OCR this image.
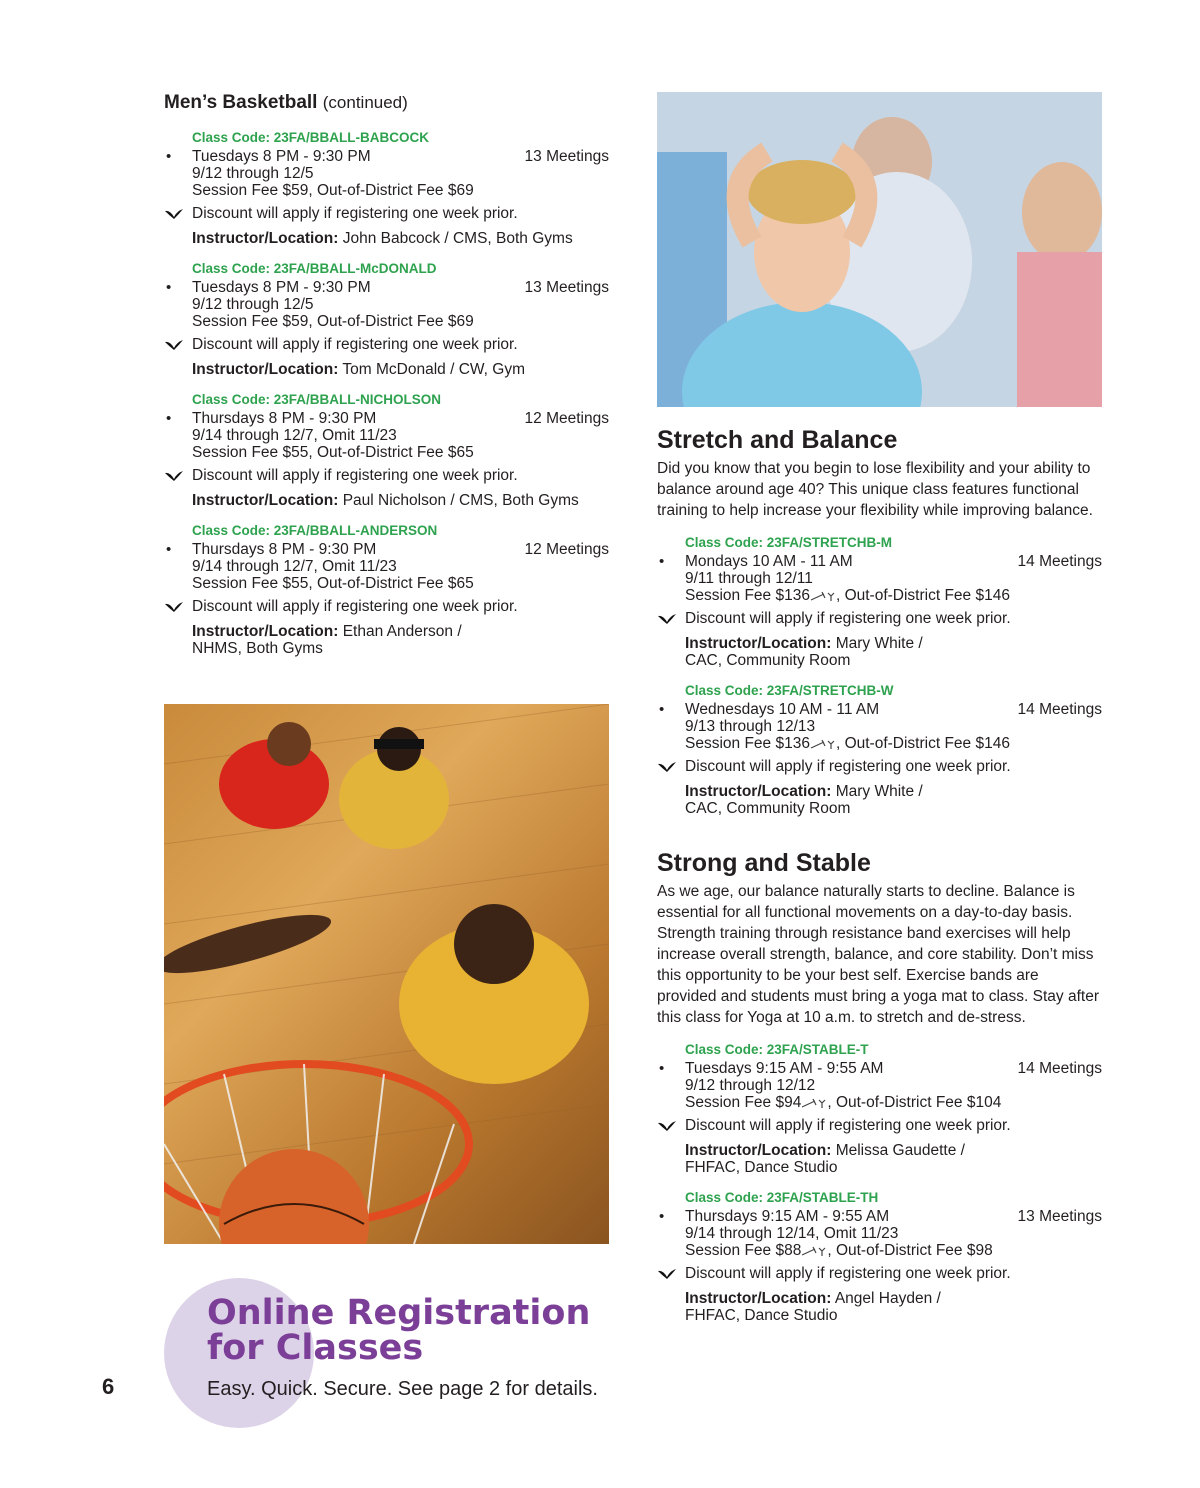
Men’s Basketball (continued)
Class Code: 23FA/BBALL-BABCOCK
• Tuesdays 8 PM - 9:30 PM	13 Meetings
9/12 through 12/5
Session Fee $59, Out-of-District Fee $69
Discount will apply if registering one week prior.
Instructor/Location: John Babcock / CMS, Both Gyms
Class Code: 23FA/BBALL-McDONALD
• Tuesdays 8 PM - 9:30 PM	13 Meetings
9/12 through 12/5
Session Fee $59, Out-of-District Fee $69
Discount will apply if registering one week prior.
Instructor/Location: Tom McDonald / CW, Gym
Class Code: 23FA/BBALL-NICHOLSON
• Thursdays 8 PM - 9:30 PM	12 Meetings
9/14 through 12/7, Omit 11/23
Session Fee $55, Out-of-District Fee $65
Discount will apply if registering one week prior.
Instructor/Location: Paul Nicholson / CMS, Both Gyms
Class Code: 23FA/BBALL-ANDERSON
• Thursdays 8 PM - 9:30 PM	12 Meetings
9/14 through 12/7, Omit 11/23
Session Fee $55, Out-of-District Fee $65
Discount will apply if registering one week prior.
Instructor/Location: Ethan Anderson /
NHMS, Both Gyms
Stretch and Balance
Did you know that you begin to lose flexibility and your ability to balance around age 40? This unique class features functional training to help increase your flexibility while improving balance.
Class Code: 23FA/STRETCHB-M
• Mondays 10 AM - 11 AM	14 Meetings
9/11 through 12/11
Session Fee $136 , Out-of-District Fee $146
Discount will apply if registering one week prior.
Instructor/Location: Mary White /
CAC, Community Room
Class Code: 23FA/STRETCHB-W
• Wednesdays 10 AM - 11 AM	14 Meetings
9/13 through 12/13
Session Fee $136 , Out-of-District Fee $146
Discount will apply if registering one week prior.
Instructor/Location: Mary White /
CAC, Community Room
Strong and Stable
As we age, our balance naturally starts to decline. Balance is essential for all functional movements on a day-to-day basis. Strength training through resistance band exercises will help increase overall strength, balance, and core stability. Don’t miss this opportunity to be your best self. Exercise bands are provided and students must bring a yoga mat to class. Stay after this class for Yoga at 10 a.m. to stretch and de-stress.
Class Code: 23FA/STABLE-T
• Tuesdays 9:15 AM - 9:55 AM	14 Meetings
9/12 through 12/12
Session Fee $94 , Out-of-District Fee $104
Discount will apply if registering one week prior.
Instructor/Location: Melissa Gaudette /
FHFAC, Dance Studio
Class Code: 23FA/STABLE-TH
• Thursdays 9:15 AM - 9:55 AM	13 Meetings
9/14 through 12/14, Omit 11/23
Session Fee $88 , Out-of-District Fee $98
Discount will apply if registering one week prior.
Instructor/Location: Angel Hayden /
FHFAC, Dance Studio
Online Registration
for Classes
Easy. Quick. Secure. See page 2 for details.
6
